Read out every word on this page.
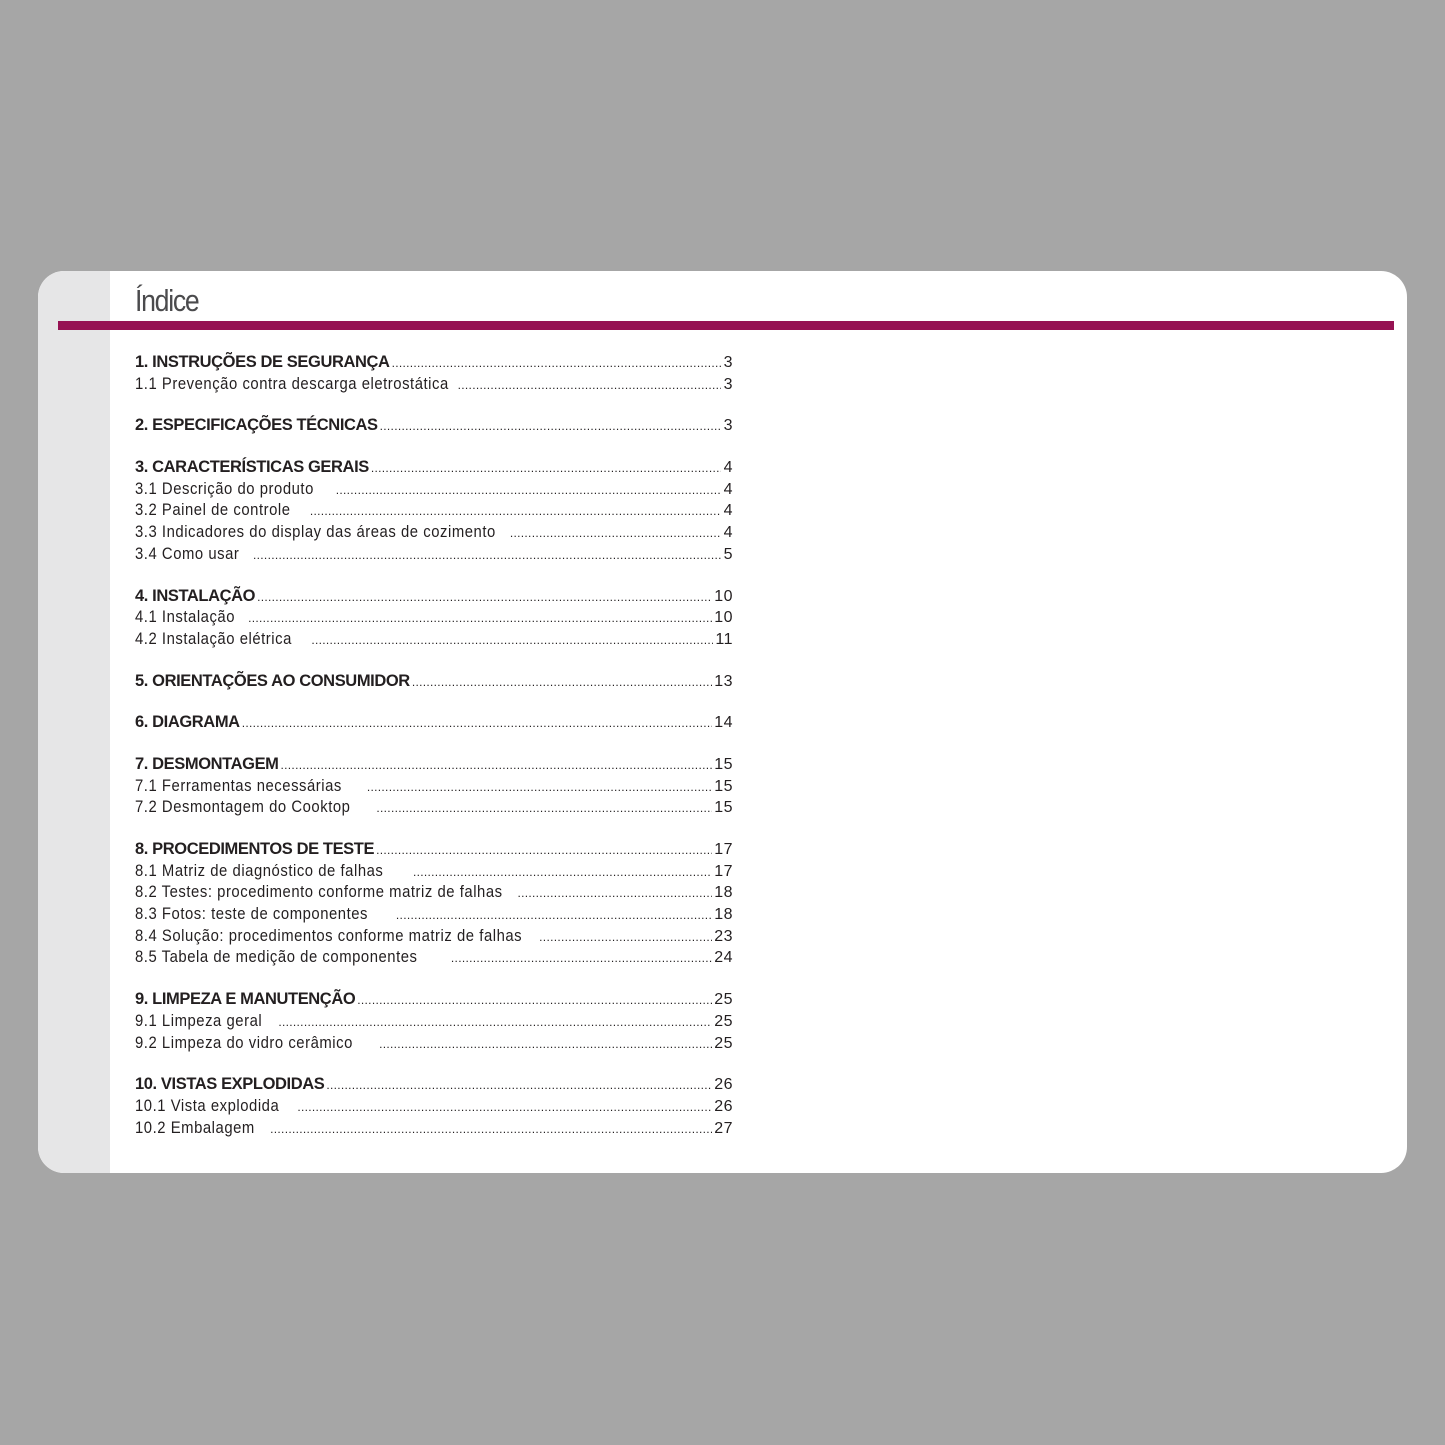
Índice
1. INSTRUÇÕES DE SEGURANÇA .....	3
1.1 Prevenção contra descarga eletrostática .....	3
2. ESPECIFICAÇÕES TÉCNICAS .....	3
3. CARACTERÍSTICAS GERAIS .....	4
3.1 Descrição do produto .....	4
3.2 Painel de controle .....	4
3.3 Indicadores do display das áreas de cozimento .....	4
3.4 Como usar .....	5
4. INSTALAÇÃO .....	10
4.1 Instalação .....	10
4.2 Instalação elétrica .....	11
5. ORIENTAÇÕES AO CONSUMIDOR .....	13
6. DIAGRAMA .....	14
7. DESMONTAGEM .....	15
7.1 Ferramentas necessárias .....	15
7.2 Desmontagem do Cooktop .....	15
8. PROCEDIMENTOS DE TESTE .....	17
8.1 Matriz de diagnóstico de falhas .....	17
8.2 Testes: procedimento conforme matriz de falhas .....	18
8.3 Fotos: teste de componentes .....	18
8.4 Solução: procedimentos conforme matriz de falhas .....	23
8.5 Tabela de medição de componentes .....	24
9. LIMPEZA E MANUTENÇÃO .....	25
9.1 Limpeza geral .....	25
9.2 Limpeza do vidro cerâmico .....	25
10. VISTAS EXPLODIDAS .....	26
10.1 Vista explodida .....	26
10.2 Embalagem .....	27
